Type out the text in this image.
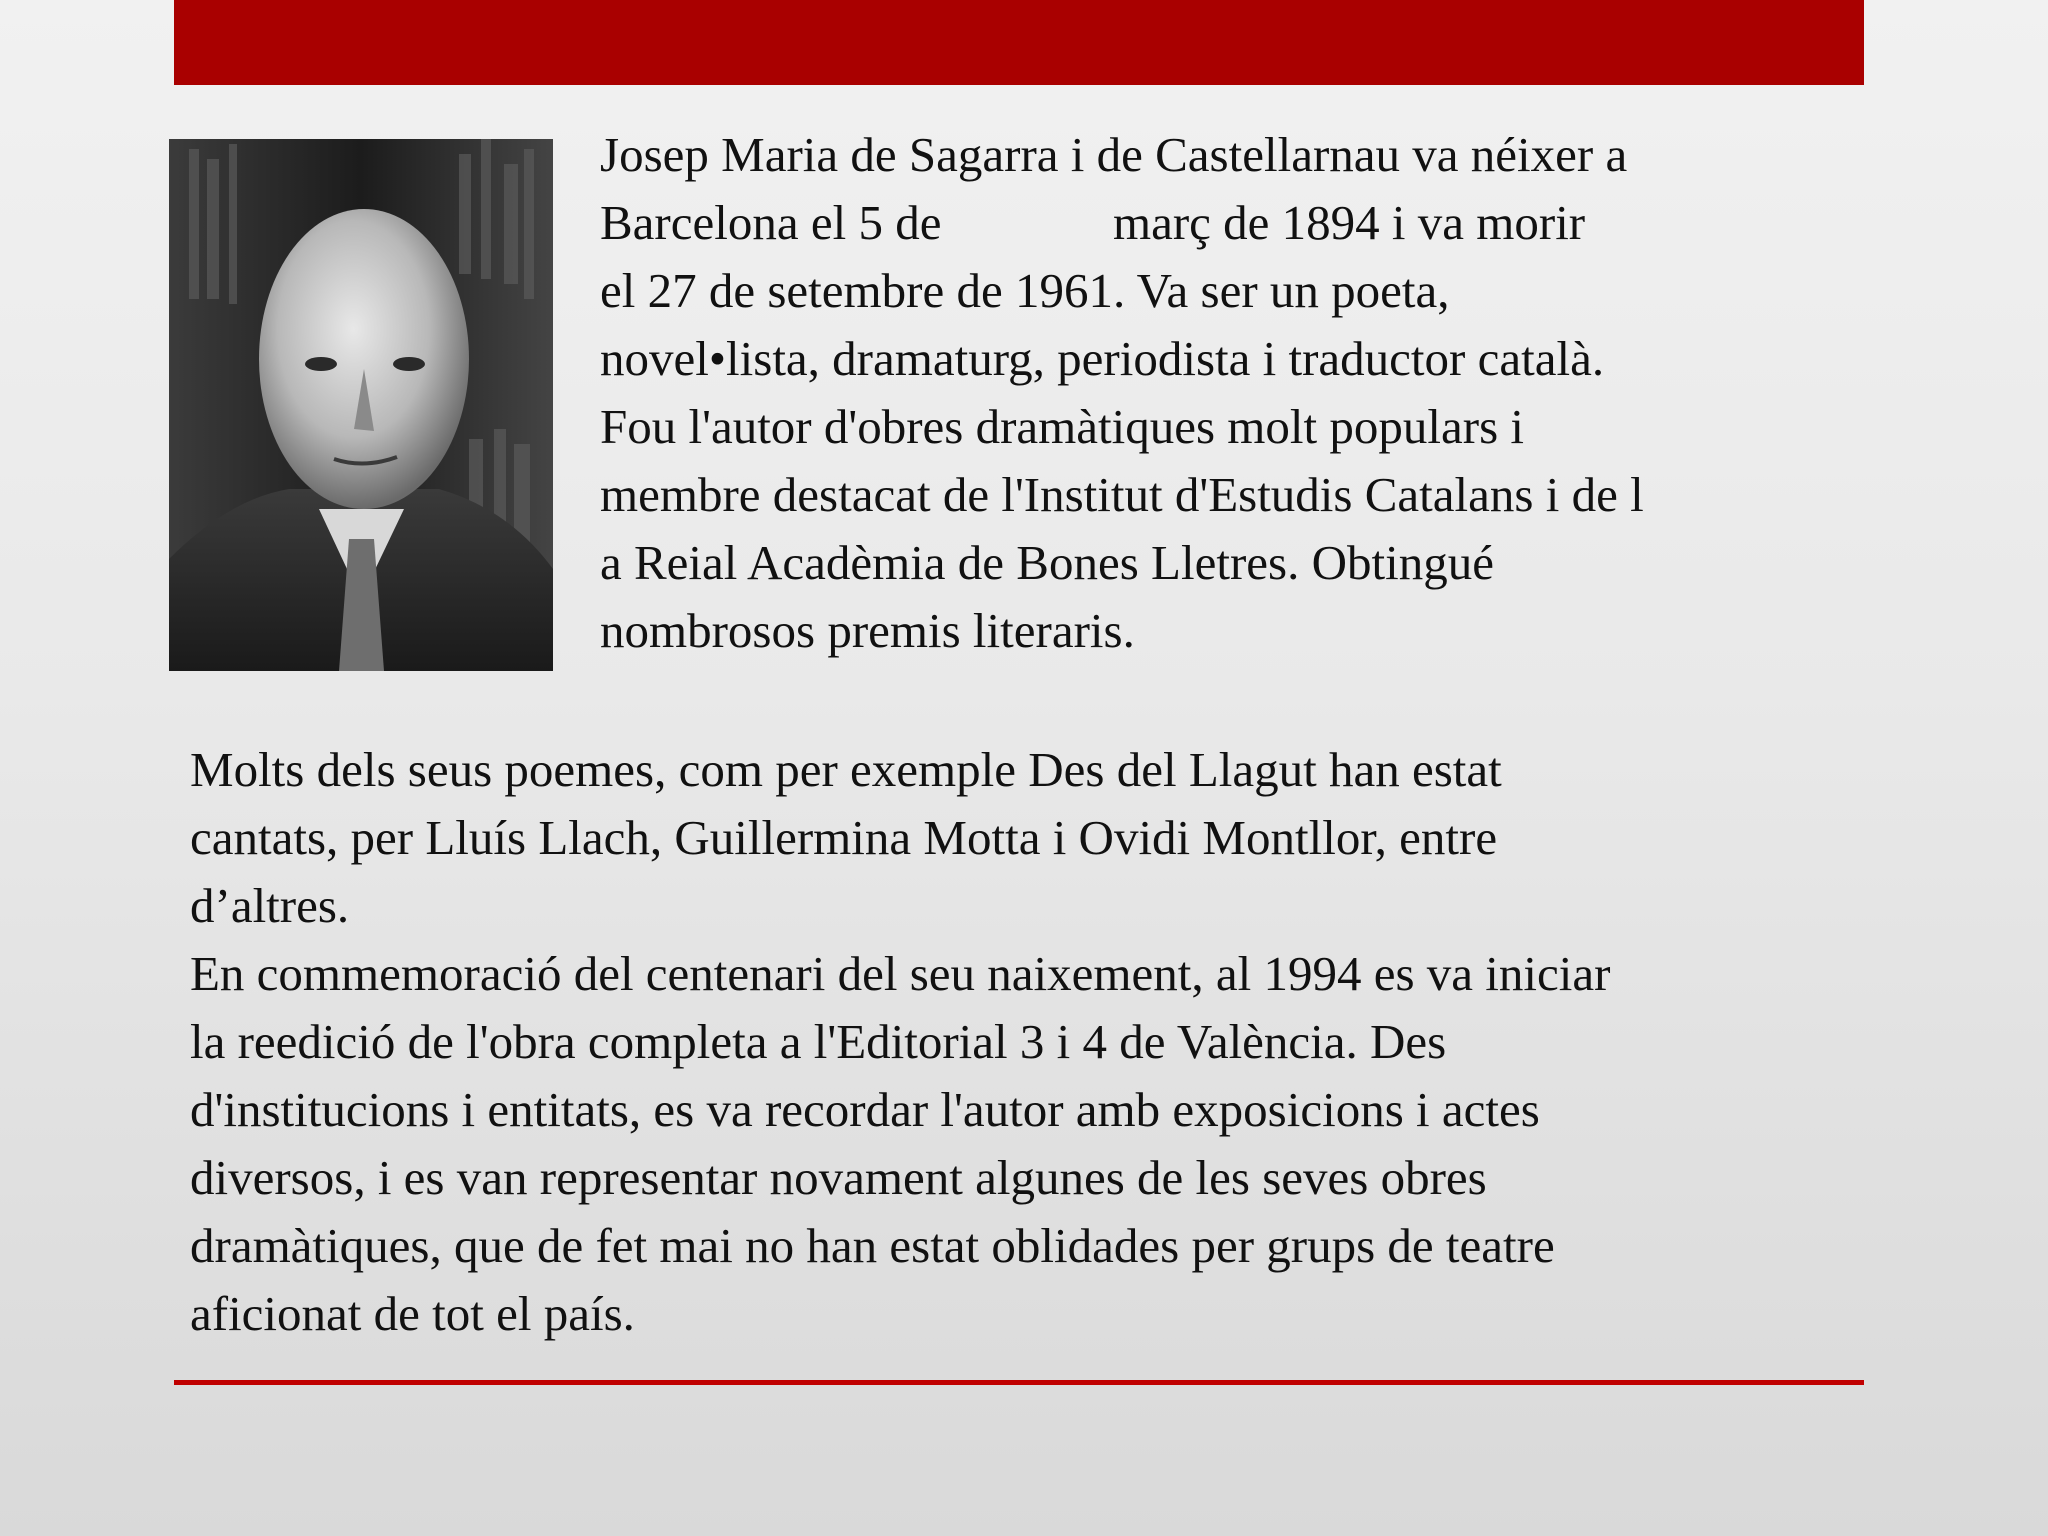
Josep Maria de Sagarra i de Castellarnau va néixer a
Barcelona el 5 de              març de 1894 i va morir
el 27 de setembre de 1961. Va ser un poeta,
novel•lista, dramaturg, periodista i traductor català.
Fou l'autor d'obres dramàtiques molt populars i
membre destacat de l'Institut d'Estudis Catalans i de l
a Reial Acadèmia de Bones Lletres. Obtingué
nombrosos premis literaris.

Molts dels seus poemes, com per exemple Des del Llagut han estat
cantats, per Lluís Llach, Guillermina Motta i Ovidi Montllor, entre
d’altres.
En commemoració del centenari del seu naixement, al 1994 es va iniciar
la reedició de l'obra completa a l'Editorial 3 i 4 de València. Des
d'institucions i entitats, es va recordar l'autor amb exposicions i actes
diversos, i es van representar novament algunes de les seves obres
dramàtiques, que de fet mai no han estat oblidades per grups de teatre
aficionat de tot el país.
